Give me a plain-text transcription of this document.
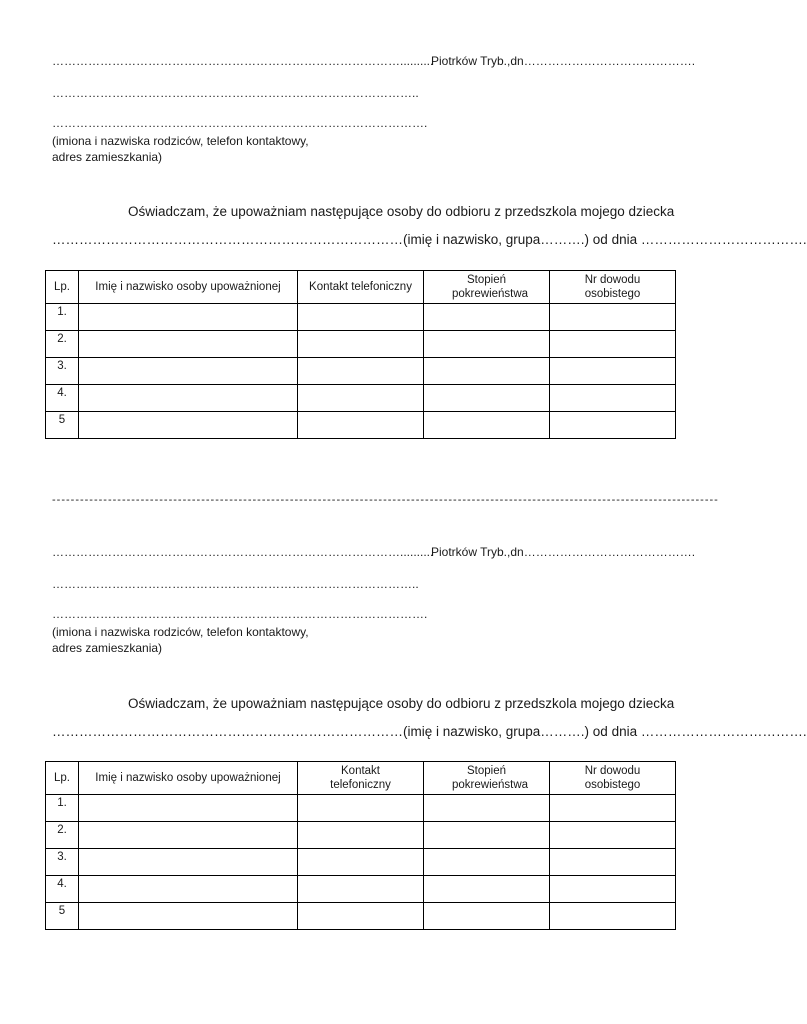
……………………………………………………………………………..........
Piotrków Tryb.,dn…………………………………….
………………………………………………………………………………..
………………………………………………………………………………….
(imiona i nazwiska rodziców, telefon kontaktowy,
adres zamieszkania)
Oświadczam, że upoważniam następujące osoby do odbioru z przedszkola mojego dziecka
……………………………………………………………………(imię i nazwisko, grupa……….) od dnia ……………………………….
Lp.	Imię i nazwisko osoby upoważnionej	Kontakt telefoniczny	Stopień pokrewieństwa	Nr dowodu osobistego
1.				
2.				
3.				
4.				
5				
-----------------------------------------------------------------------------------------------------------------------------------------------
……………………………………………………………………………..........
Piotrków Tryb.,dn…………………………………….
………………………………………………………………………………..
………………………………………………………………………………….
(imiona i nazwiska rodziców, telefon kontaktowy,
adres zamieszkania)
Oświadczam, że upoważniam następujące osoby do odbioru z przedszkola mojego dziecka
……………………………………………………………………(imię i nazwisko, grupa……….) od dnia ……………………………….
Lp.	Imię i nazwisko osoby upoważnionej	Kontakt telefoniczny	Stopień pokrewieństwa	Nr dowodu osobistego
1.				
2.				
3.				
4.				
5				
